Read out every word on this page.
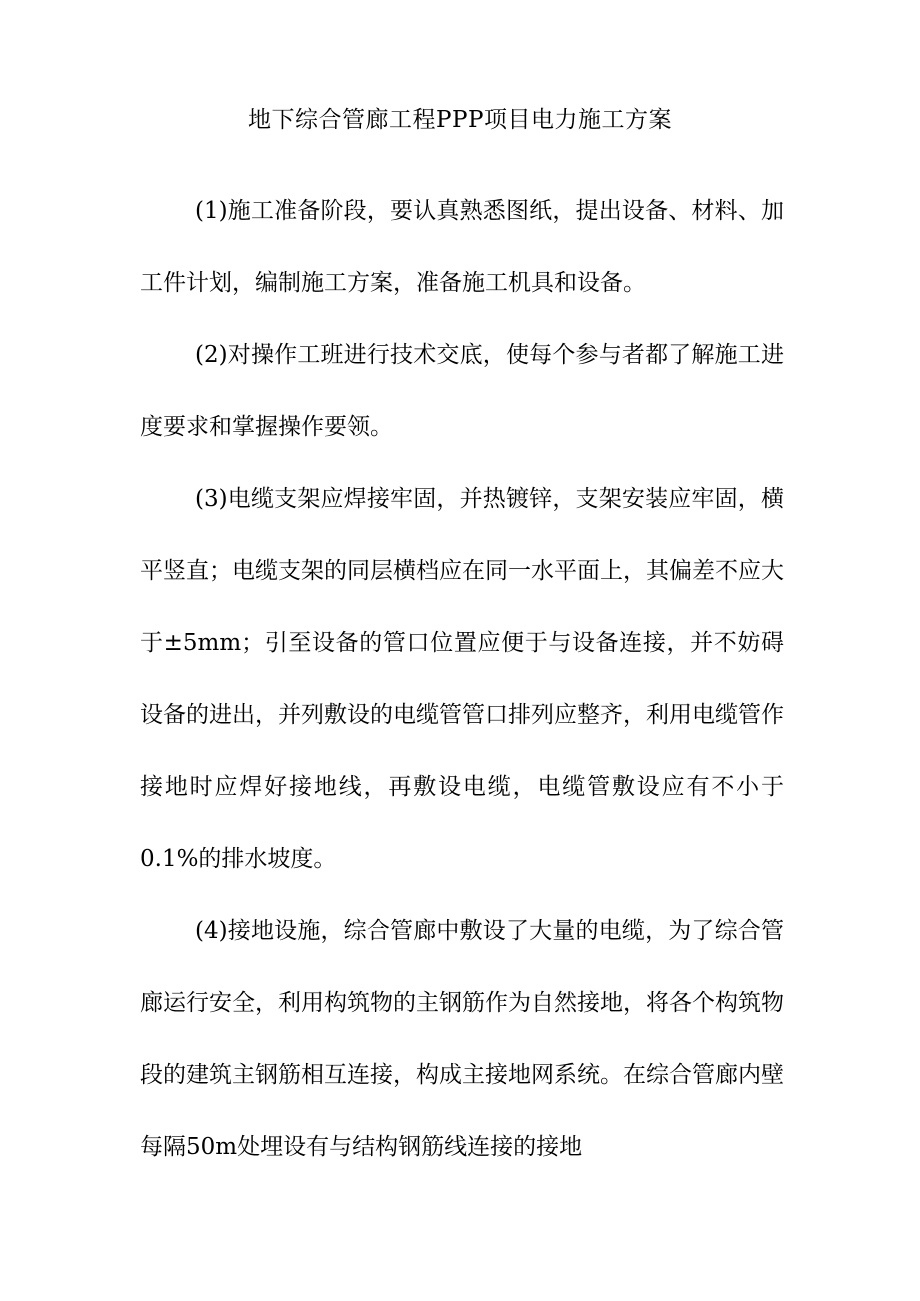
地下综合管廊工程PPP项目电力施工方案

(1)施工准备阶段，要认真熟悉图纸，提出设备、材料、加工件计划，编制施工方案，准备施工机具和设备。

(2)对操作工班进行技术交底，使每个参与者都了解施工进度要求和掌握操作要领。

(3)电缆支架应焊接牢固，并热镀锌，支架安装应牢固，横平竖直；电缆支架的同层横档应在同一水平面上，其偏差不应大于±5mm；引至设备的管口位置应便于与设备连接，并不妨碍设备的进出，并列敷设的电缆管管口排列应整齐，利用电缆管作接地时应焊好接地线，再敷设电缆，电缆管敷设应有不小于0.1%的排水坡度。

(4)接地设施，综合管廊中敷设了大量的电缆，为了综合管廊运行安全，利用构筑物的主钢筋作为自然接地，将各个构筑物段的建筑主钢筋相互连接，构成主接地网系统。在综合管廊内壁每隔50m处埋设有与结构钢筋线连接的接地
